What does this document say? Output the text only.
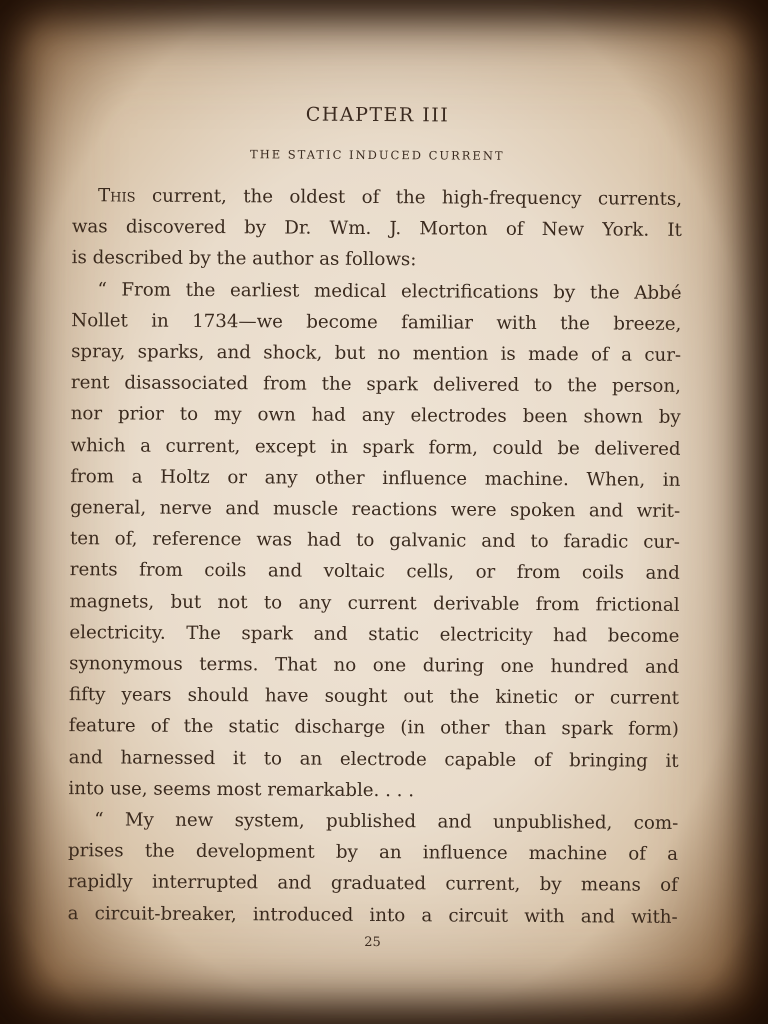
CHAPTER III
THE STATIC INDUCED CURRENT
This current, the oldest of the high-frequency currents,
was discovered by Dr. Wm. J. Morton of New York. It
is described by the author as follows:
“ From the earliest medical electrifications by the Abbé
Nollet in 1734—we become familiar with the breeze,
spray, sparks, and shock, but no mention is made of a cur-
rent disassociated from the spark delivered to the person,
nor prior to my own had any electrodes been shown by
which a current, except in spark form, could be delivered
from a Holtz or any other influence machine. When, in
general, nerve and muscle reactions were spoken and writ-
ten of, reference was had to galvanic and to faradic cur-
rents from coils and voltaic cells, or from coils and
magnets, but not to any current derivable from frictional
electricity. The spark and static electricity had become
synonymous terms. That no one during one hundred and
fifty years should have sought out the kinetic or current
feature of the static discharge (in other than spark form)
and harnessed it to an electrode capable of bringing it
into use, seems most remarkable. . . .
“ My new system, published and unpublished, com-
prises the development by an influence machine of a
rapidly interrupted and graduated current, by means of
a circuit-breaker, introduced into a circuit with and with-
25
